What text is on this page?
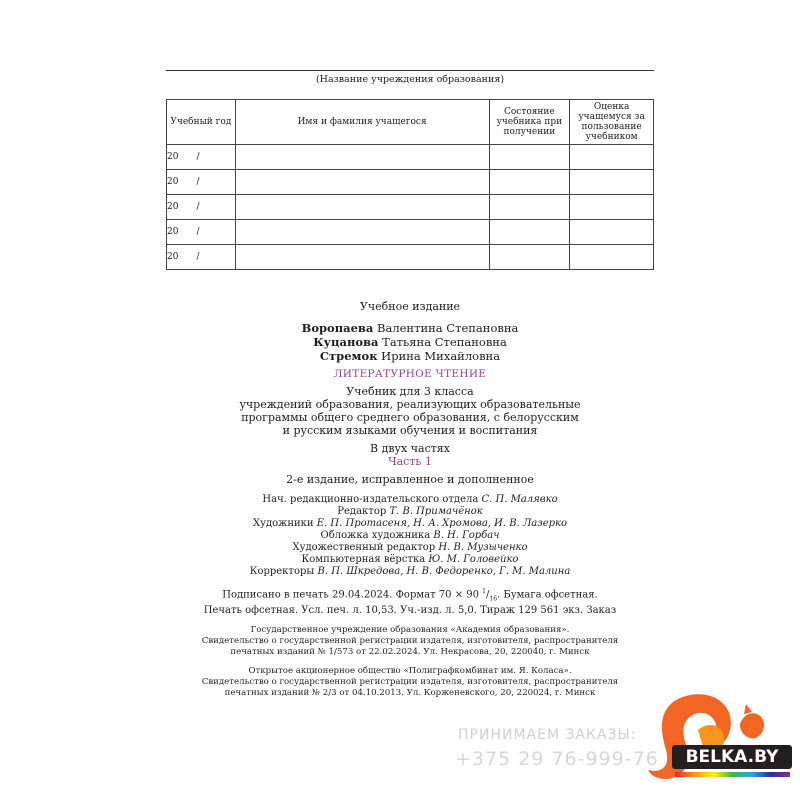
(Название учреждения образования)
Учебный год	Имя и фамилия учащегося	Состояние учебника при получении	Оценка учащемуся за пользование учебником
20 /			
20 /			
20 /			
20 /			
20 /			
Учебное издание
Воропаева Валентина Степановна
Куцанова Татьяна Степановна
Стремок Ирина Михайловна
ЛИТЕРАТУРНОЕ ЧТЕНИЕ
Учебник для 3 класса
учреждений образования, реализующих образовательные
программы общего среднего образования, с белорусским
и русским языками обучения и воспитания
В двух частях
Часть 1
2-е издание, исправленное и дополненное
Нач. редакционно-издательского отдела С. П. Малявко
Редактор Т. В. Примачёнок
Художники Е. П. Протасеня, Н. А. Хромова, И. В. Лазерко
Обложка художника В. Н. Горбач
Художественный редактор Н. В. Музыченко
Компьютерная вёрстка Ю. М. Головейко
Корректоры В. П. Шкредова, Н. В. Федоренко, Г. М. Малина
Подписано в печать 29.04.2024. Формат 70 × 90 $^1/_{16}$. Бумага офсетная.
Печать офсетная. Усл. печ. л. 10,53. Уч.-изд. л. 5,0. Тираж 129 561 экз. Заказ
Государственное учреждение образования «Академия образования».
Свидетельство о государственной регистрации издателя, изготовителя, распространителя
печатных изданий № 1/573 от 22.02.2024. Ул. Некрасова, 20, 220040, г. Минск
Открытое акционерное общество «Полиграфкомбинат им. Я. Коласа».
Свидетельство о государственной регистрации издателя, изготовителя, распространителя
печатных изданий № 2/3 от 04.10.2013. Ул. Корженевского, 20, 220024, г. Минск
ПРИНИМАЕМ ЗАКАЗЫ:
+375 29 76-999-76	BELKA.BY
